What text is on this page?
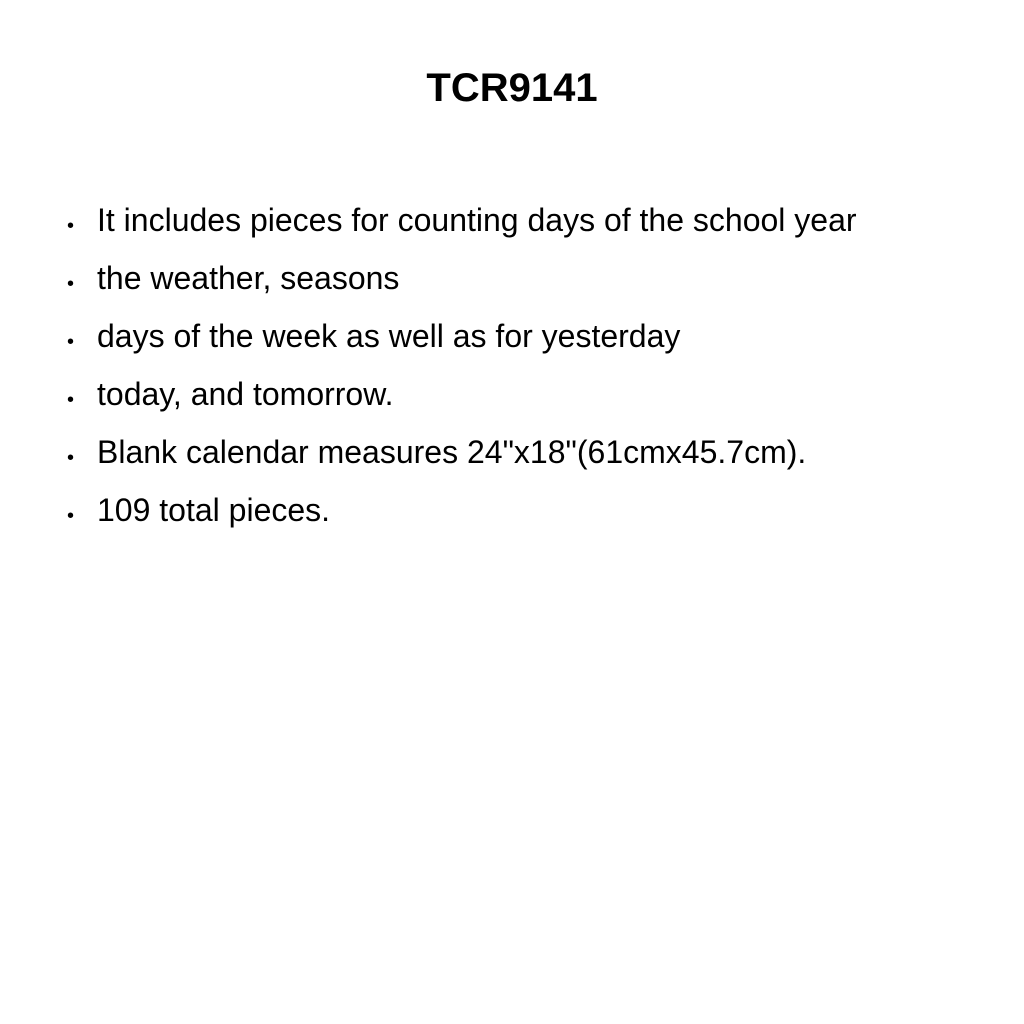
TCR9141
• It includes pieces for counting days of the school year
• the weather, seasons
• days of the week as well as for yesterday
• today, and tomorrow.
• Blank calendar measures 24"x18"(61cmx45.7cm).
• 109 total pieces.
